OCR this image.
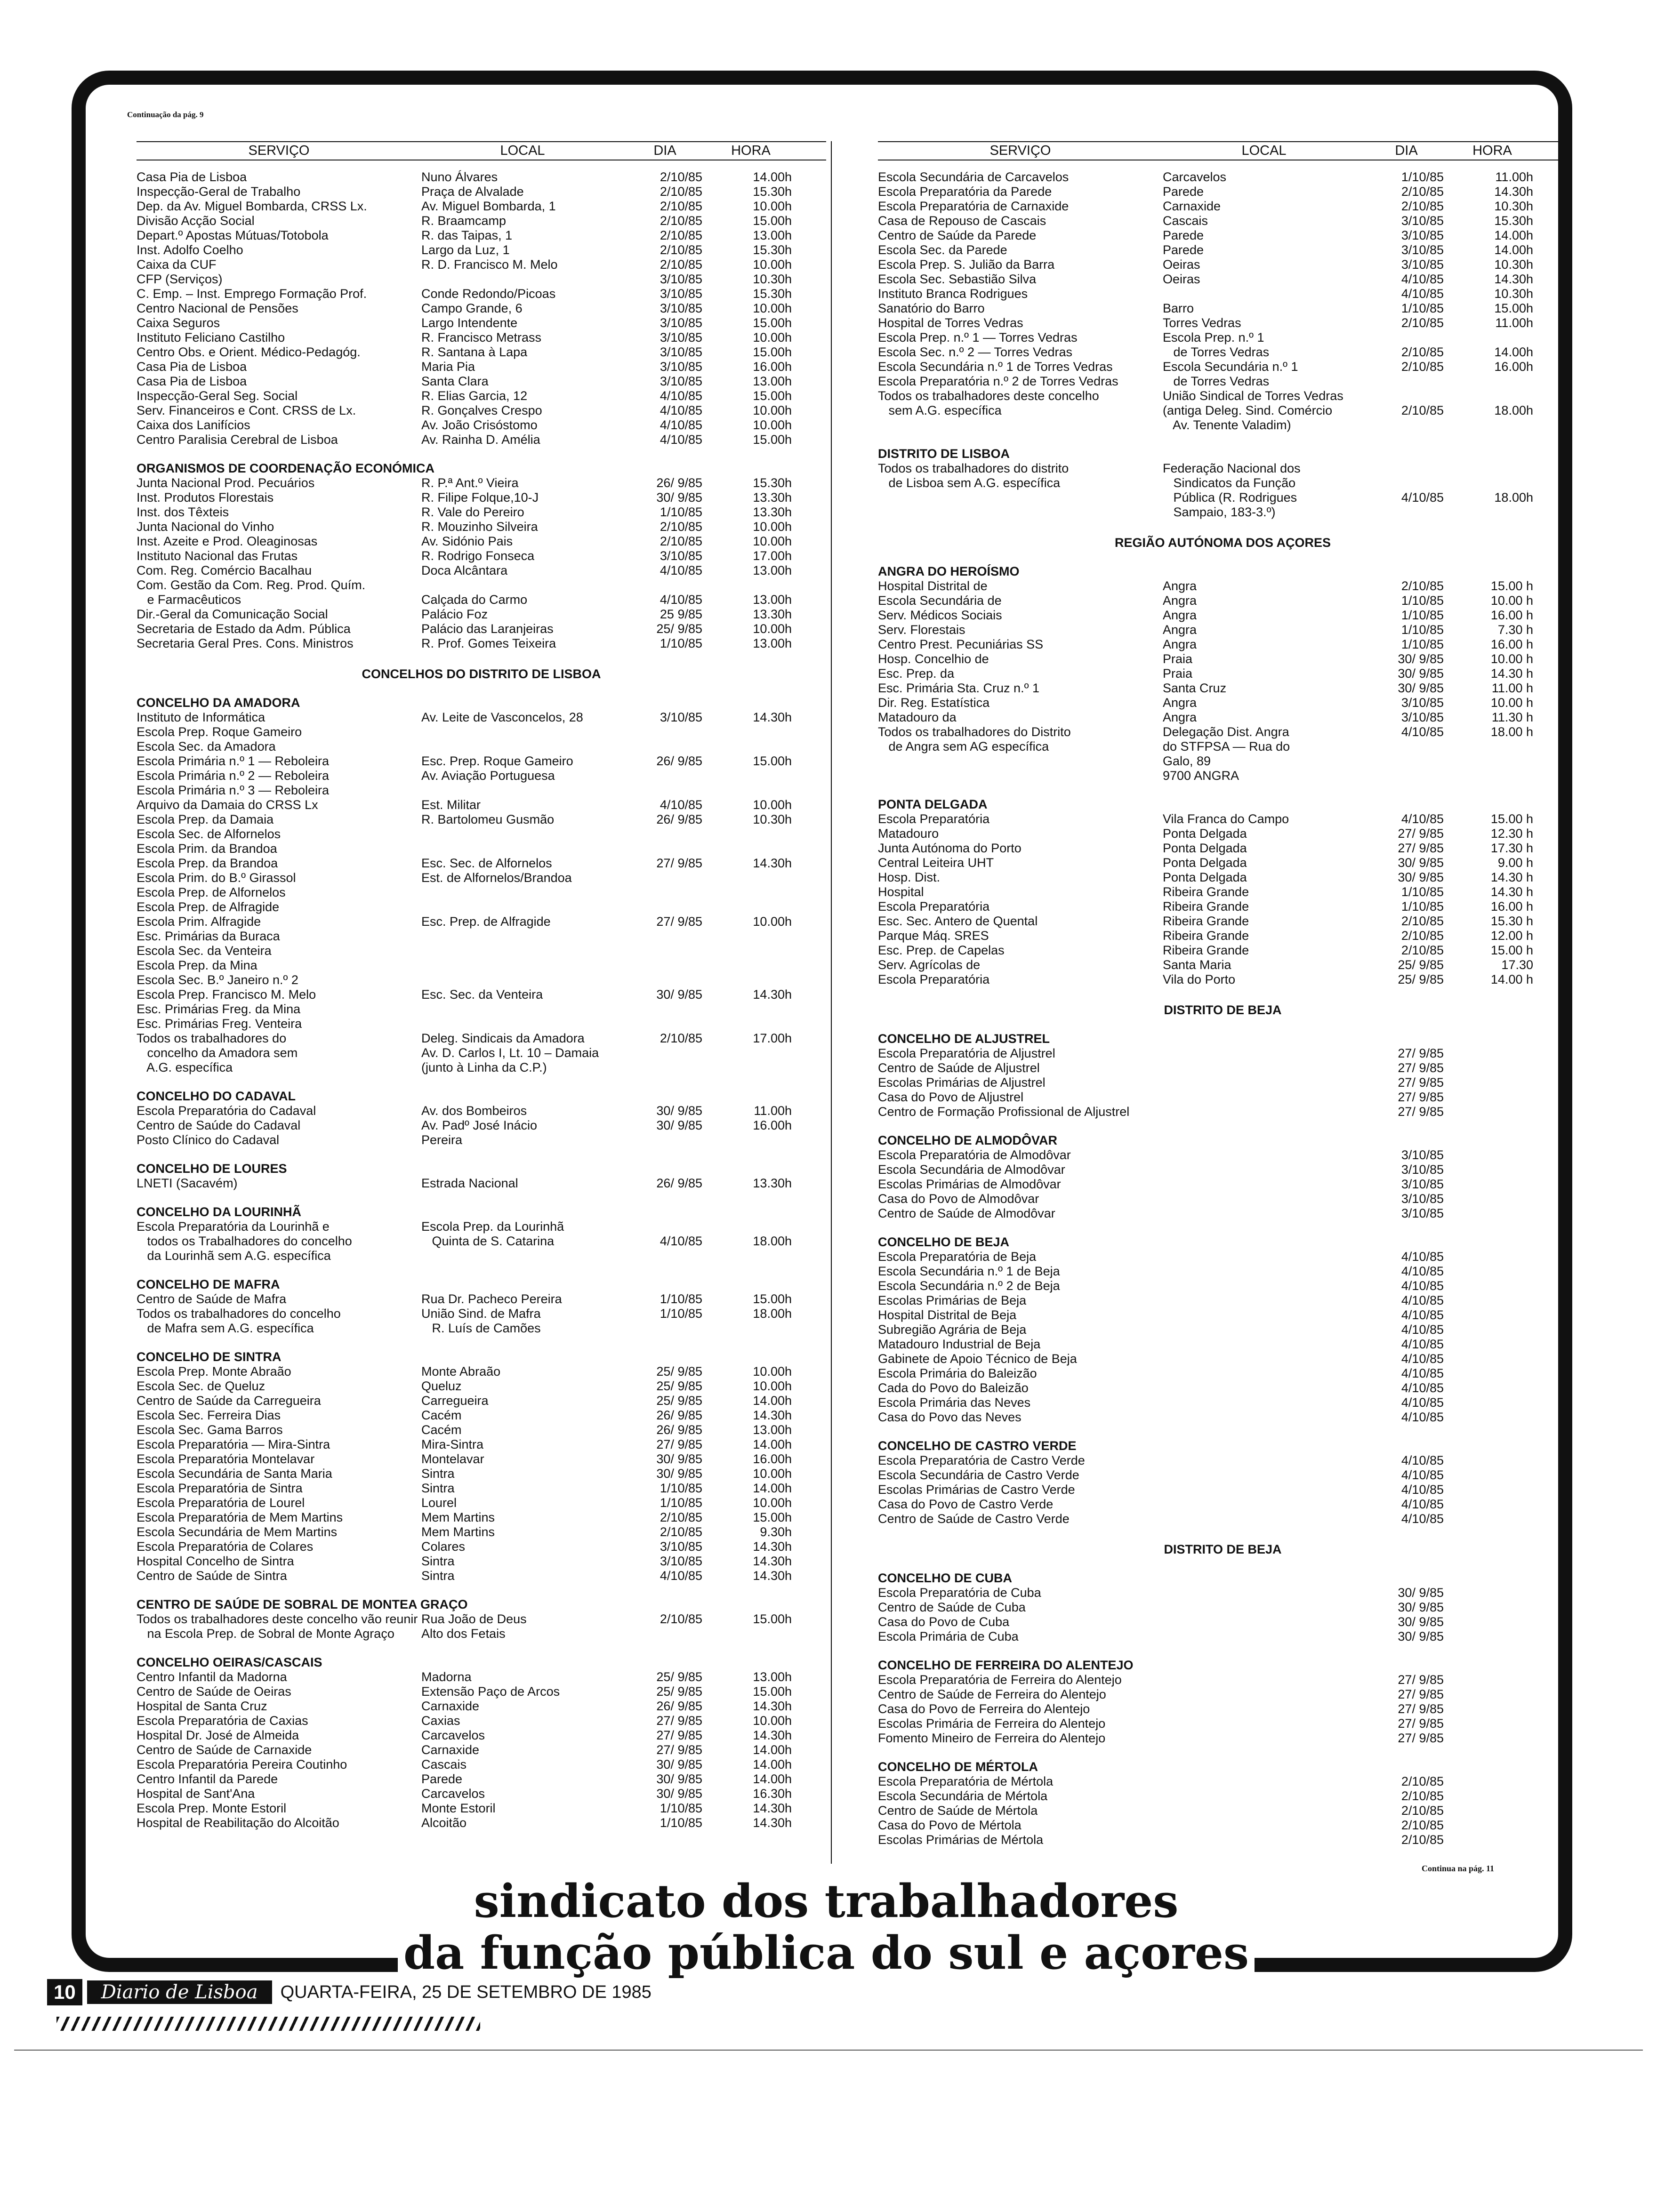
Continuação da pág. 9
SERVIÇO	LOCAL	DIA	HORA
Casa Pia de Lisboa	Nuno Álvares	2/10/85	14.00h
Inspecção-Geral de Trabalho	Praça de Alvalade	2/10/85	15.30h
Dep. da Av. Miguel Bombarda, CRSS Lx.	Av. Miguel Bombarda, 1	2/10/85	10.00h
Divisão Acção Social	R. Braamcamp	2/10/85	15.00h
Depart.º Apostas Mútuas/Totobola	R. das Taipas, 1	2/10/85	13.00h
Inst. Adolfo Coelho	Largo da Luz, 1	2/10/85	15.30h
Caixa da CUF	R. D. Francisco M. Melo	2/10/85	10.00h
CFP (Serviços)	3/10/85	10.30h
C. Emp. – Inst. Emprego Formação Prof.	Conde Redondo/Picoas	3/10/85	15.30h
Centro Nacional de Pensões	Campo Grande, 6	3/10/85	10.00h
Caixa Seguros	Largo Intendente	3/10/85	15.00h
Instituto Feliciano Castilho	R. Francisco Metrass	3/10/85	10.00h
Centro Obs. e Orient. Médico-Pedagóg.	R. Santana à Lapa	3/10/85	15.00h
Casa Pia de Lisboa	Maria Pia	3/10/85	16.00h
Casa Pia de Lisboa	Santa Clara	3/10/85	13.00h
Inspecção-Geral Seg. Social	R. Elias Garcia, 12	4/10/85	15.00h
Serv. Financeiros e Cont. CRSS de Lx.	R. Gonçalves Crespo	4/10/85	10.00h
Caixa dos Lanifícios	Av. João Crisóstomo	4/10/85	10.00h
Centro Paralisia Cerebral de Lisboa	Av. Rainha D. Amélia	4/10/85	15.00h
ORGANISMOS DE COORDENAÇÃO ECONÓMICA
Junta Nacional Prod. Pecuários	R. P.ª Ant.º Vieira	26/ 9/85	15.30h
Inst. Produtos Florestais	R. Filipe Folque,10-J	30/ 9/85	13.30h
Inst. dos Têxteis	R. Vale do Pereiro	1/10/85	13.30h
Junta Nacional do Vinho	R. Mouzinho Silveira	2/10/85	10.00h
Inst. Azeite e Prod. Oleaginosas	Av. Sidónio Pais	2/10/85	10.00h
Instituto Nacional das Frutas	R. Rodrigo Fonseca	3/10/85	17.00h
Com. Reg. Comércio Bacalhau	Doca Alcântara	4/10/85	13.00h
Com. Gestão da Com. Reg. Prod. Quím.
e Farmacêuticos	Calçada do Carmo	4/10/85	13.00h
Dir.-Geral da Comunicação Social	Palácio Foz	25 9/85	13.30h
Secretaria de Estado da Adm. Pública	Palácio das Laranjeiras	25/ 9/85	10.00h
Secretaria Geral Pres. Cons. Ministros	R. Prof. Gomes Teixeira	1/10/85	13.00h
CONCELHOS DO DISTRITO DE LISBOA
CONCELHO DA AMADORA
Instituto de Informática	Av. Leite de Vasconcelos, 28	3/10/85	14.30h
Escola Prep. Roque Gameiro
Escola Sec. da Amadora
Escola Primária n.º 1 — Reboleira	Esc. Prep. Roque Gameiro	26/ 9/85	15.00h
Escola Primária n.º 2 — Reboleira	Av. Aviação Portuguesa
Escola Primária n.º 3 — Reboleira
Arquivo da Damaia do CRSS Lx	Est. Militar	4/10/85	10.00h
Escola Prep. da Damaia	R. Bartolomeu Gusmão	26/ 9/85	10.30h
Escola Sec. de Alfornelos
Escola Prim. da Brandoa
Escola Prep. da Brandoa	Esc. Sec. de Alfornelos	27/ 9/85	14.30h
Escola Prim. do B.º Girassol	Est. de Alfornelos/Brandoa
Escola Prep. de Alfornelos
Escola Prep. de Alfragide
Escola Prim. Alfragide	Esc. Prep. de Alfragide	27/ 9/85	10.00h
Esc. Primárias da Buraca
Escola Sec. da Venteira
Escola Prep. da Mina
Escola Sec. B.º Janeiro n.º 2
Escola Prep. Francisco M. Melo	Esc. Sec. da Venteira	30/ 9/85	14.30h
Esc. Primárias Freg. da Mina
Esc. Primárias Freg. Venteira
Todos os trabalhadores do	Deleg. Sindicais da Amadora	2/10/85	17.00h
concelho da Amadora sem	Av. D. Carlos I, Lt. 10 – Damaia
A.G. específica	(junto à Linha da C.P.)
CONCELHO DO CADAVAL
Escola Preparatória do Cadaval	Av. dos Bombeiros	30/ 9/85	11.00h
Centro de Saúde do Cadaval	Av. Padº José Inácio	30/ 9/85	16.00h
Posto Clínico do Cadaval	Pereira
CONCELHO DE LOURES
LNETI (Sacavém)	Estrada Nacional	26/ 9/85	13.30h
CONCELHO DA LOURINHÃ
Escola Preparatória da Lourinhã e	Escola Prep. da Lourinhã
todos os Trabalhadores do concelho	Quinta de S. Catarina	4/10/85	18.00h
da Lourinhã sem A.G. específica
CONCELHO DE MAFRA
Centro de Saúde de Mafra	Rua Dr. Pacheco Pereira	1/10/85	15.00h
Todos os trabalhadores do concelho	União Sind. de Mafra	1/10/85	18.00h
de Mafra sem A.G. específica	R. Luís de Camões
CONCELHO DE SINTRA
Escola Prep. Monte Abraão	Monte Abraão	25/ 9/85	10.00h
Escola Sec. de Queluz	Queluz	25/ 9/85	10.00h
Centro de Saúde da Carregueira	Carregueira	25/ 9/85	14.00h
Escola Sec. Ferreira Dias	Cacém	26/ 9/85	14.30h
Escola Sec. Gama Barros	Cacém	26/ 9/85	13.00h
Escola Preparatória — Mira-Sintra	Mira-Sintra	27/ 9/85	14.00h
Escola Preparatória Montelavar	Montelavar	30/ 9/85	16.00h
Escola Secundária de Santa Maria	Sintra	30/ 9/85	10.00h
Escola Preparatória de Sintra	Sintra	1/10/85	14.00h
Escola Preparatória de Lourel	Lourel	1/10/85	10.00h
Escola Preparatória de Mem Martins	Mem Martins	2/10/85	15.00h
Escola Secundária de Mem Martins	Mem Martins	2/10/85	9.30h
Escola Preparatória de Colares	Colares	3/10/85	14.30h
Hospital Concelho de Sintra	Sintra	3/10/85	14.30h
Centro de Saúde de Sintra	Sintra	4/10/85	14.30h
CENTRO DE SAÚDE DE SOBRAL DE MONTEA GRAÇO
Todos os trabalhadores deste concelho vão reunir Rua João de Deus	2/10/85	15.00h
na Escola Prep. de Sobral de Monte Agraço	Alto dos Fetais
CONCELHO OEIRAS/CASCAIS
Centro Infantil da Madorna	Madorna	25/ 9/85	13.00h
Centro de Saúde de Oeiras	Extensão Paço de Arcos	25/ 9/85	15.00h
Hospital de Santa Cruz	Carnaxide	26/ 9/85	14.30h
Escola Preparatória de Caxias	Caxias	27/ 9/85	10.00h
Hospital Dr. José de Almeida	Carcavelos	27/ 9/85	14.30h
Centro de Saúde de Carnaxide	Carnaxide	27/ 9/85	14.00h
Escola Preparatória Pereira Coutinho	Cascais	30/ 9/85	14.00h
Centro Infantil da Parede	Parede	30/ 9/85	14.00h
Hospital de Sant'Ana	Carcavelos	30/ 9/85	16.30h
Escola Prep. Monte Estoril	Monte Estoril	1/10/85	14.30h
Hospital de Reabilitação do Alcoitão	Alcoitão	1/10/85	14.30h
SERVIÇO	LOCAL	DIA	HORA
Escola Secundária de Carcavelos	Carcavelos	1/10/85	11.00h
Escola Preparatória da Parede	Parede	2/10/85	14.30h
Escola Preparatória de Carnaxide	Carnaxide	2/10/85	10.30h
Casa de Repouso de Cascais	Cascais	3/10/85	15.30h
Centro de Saúde da Parede	Parede	3/10/85	14.00h
Escola Sec. da Parede	Parede	3/10/85	14.00h
Escola Prep. S. Julião da Barra	Oeiras	3/10/85	10.30h
Escola Sec. Sebastião Silva	Oeiras	4/10/85	14.30h
Instituto Branca Rodrigues	4/10/85	10.30h
Sanatório do Barro	Barro	1/10/85	15.00h
Hospital de Torres Vedras	Torres Vedras	2/10/85	11.00h
Escola Prep. n.º 1 — Torres Vedras	Escola Prep. n.º 1
Escola Sec. n.º 2 — Torres Vedras	de Torres Vedras	2/10/85	14.00h
Escola Secundária n.º 1 de Torres Vedras	Escola Secundária n.º 1	2/10/85	16.00h
Escola Preparatória n.º 2 de Torres Vedras	de Torres Vedras
Todos os trabalhadores deste concelho	União Sindical de Torres Vedras
sem A.G. específica	(antiga Deleg. Sind. Comércio	2/10/85	18.00h
Av. Tenente Valadim)
DISTRITO DE LISBOA
Todos os trabalhadores do distrito	Federação Nacional dos
de Lisboa sem A.G. específica	Sindicatos da Função
Pública (R. Rodrigues	4/10/85	18.00h
Sampaio, 183-3.º)
REGIÃO AUTÓNOMA DOS AÇORES
ANGRA DO HEROÍSMO
Hospital Distrital de	Angra	2/10/85	15.00 h
Escola Secundária de	Angra	1/10/85	10.00 h
Serv. Médicos Sociais	Angra	1/10/85	16.00 h
Serv. Florestais	Angra	1/10/85	7.30 h
Centro Prest. Pecuniárias SS	Angra	1/10/85	16.00 h
Hosp. Concelhio de	Praia	30/ 9/85	10.00 h
Esc. Prep. da	Praia	30/ 9/85	14.30 h
Esc. Primária Sta. Cruz n.º 1	Santa Cruz	30/ 9/85	11.00 h
Dir. Reg. Estatística	Angra	3/10/85	10.00 h
Matadouro da	Angra	3/10/85	11.30 h
Todos os trabalhadores do Distrito	Delegação Dist. Angra	4/10/85	18.00 h
de Angra sem AG específica	do STFPSA — Rua do
Galo, 89
9700 ANGRA
PONTA DELGADA
Escola Preparatória	Vila Franca do Campo	4/10/85	15.00 h
Matadouro	Ponta Delgada	27/ 9/85	12.30 h
Junta Autónoma do Porto	Ponta Delgada	27/ 9/85	17.30 h
Central Leiteira UHT	Ponta Delgada	30/ 9/85	9.00 h
Hosp. Dist.	Ponta Delgada	30/ 9/85	14.30 h
Hospital	Ribeira Grande	1/10/85	14.30 h
Escola Preparatória	Ribeira Grande	1/10/85	16.00 h
Esc. Sec. Antero de Quental	Ribeira Grande	2/10/85	15.30 h
Parque Máq. SRES	Ribeira Grande	2/10/85	12.00 h
Esc. Prep. de Capelas	Ribeira Grande	2/10/85	15.00 h
Serv. Agrícolas de	Santa Maria	25/ 9/85	17.30
Escola Preparatória	Vila do Porto	25/ 9/85	14.00 h
DISTRITO DE BEJA
CONCELHO DE ALJUSTREL
Escola Preparatória de Aljustrel	27/ 9/85
Centro de Saúde de Aljustrel	27/ 9/85
Escolas Primárias de Aljustrel	27/ 9/85
Casa do Povo de Aljustrel	27/ 9/85
Centro de Formação Profissional de Aljustrel	27/ 9/85
CONCELHO DE ALMODÔVAR
Escola Preparatória de Almodôvar	3/10/85
Escola Secundária de Almodôvar	3/10/85
Escolas Primárias de Almodôvar	3/10/85
Casa do Povo de Almodôvar	3/10/85
Centro de Saúde de Almodôvar	3/10/85
CONCELHO DE BEJA
Escola Preparatória de Beja	4/10/85
Escola Secundária n.º 1 de Beja	4/10/85
Escola Secundária n.º 2 de Beja	4/10/85
Escolas Primárias de Beja	4/10/85
Hospital Distrital de Beja	4/10/85
Subregião Agrária de Beja	4/10/85
Matadouro Industrial de Beja	4/10/85
Gabinete de Apoio Técnico de Beja	4/10/85
Escola Primária do Baleizão	4/10/85
Cada do Povo do Baleizão	4/10/85
Escola Primária das Neves	4/10/85
Casa do Povo das Neves	4/10/85
CONCELHO DE CASTRO VERDE
Escola Preparatória de Castro Verde	4/10/85
Escola Secundária de Castro Verde	4/10/85
Escolas Primárias de Castro Verde	4/10/85
Casa do Povo de Castro Verde	4/10/85
Centro de Saúde de Castro Verde	4/10/85
DISTRITO DE BEJA
CONCELHO DE CUBA
Escola Preparatória de Cuba	30/ 9/85
Centro de Saúde de Cuba	30/ 9/85
Casa do Povo de Cuba	30/ 9/85
Escola Primária de Cuba	30/ 9/85
CONCELHO DE FERREIRA DO ALENTEJO
Escola Preparatória de Ferreira do Alentejo	27/ 9/85
Centro de Saúde de Ferreira do Alentejo	27/ 9/85
Casa do Povo de Ferreira do Alentejo	27/ 9/85
Escolas Primária de Ferreira do Alentejo	27/ 9/85
Fomento Mineiro de Ferreira do Alentejo	27/ 9/85
CONCELHO DE MÉRTOLA
Escola Preparatória de Mértola	2/10/85
Escola Secundária de Mértola	2/10/85
Centro de Saúde de Mértola	2/10/85
Casa do Povo de Mértola	2/10/85
Escolas Primárias de Mértola	2/10/85
Continua na pág. 11
sindicato dos trabalhadores
da função pública do sul e açores
10	Diario de Lisboa	QUARTA-FEIRA, 25 DE SETEMBRO DE 1985
